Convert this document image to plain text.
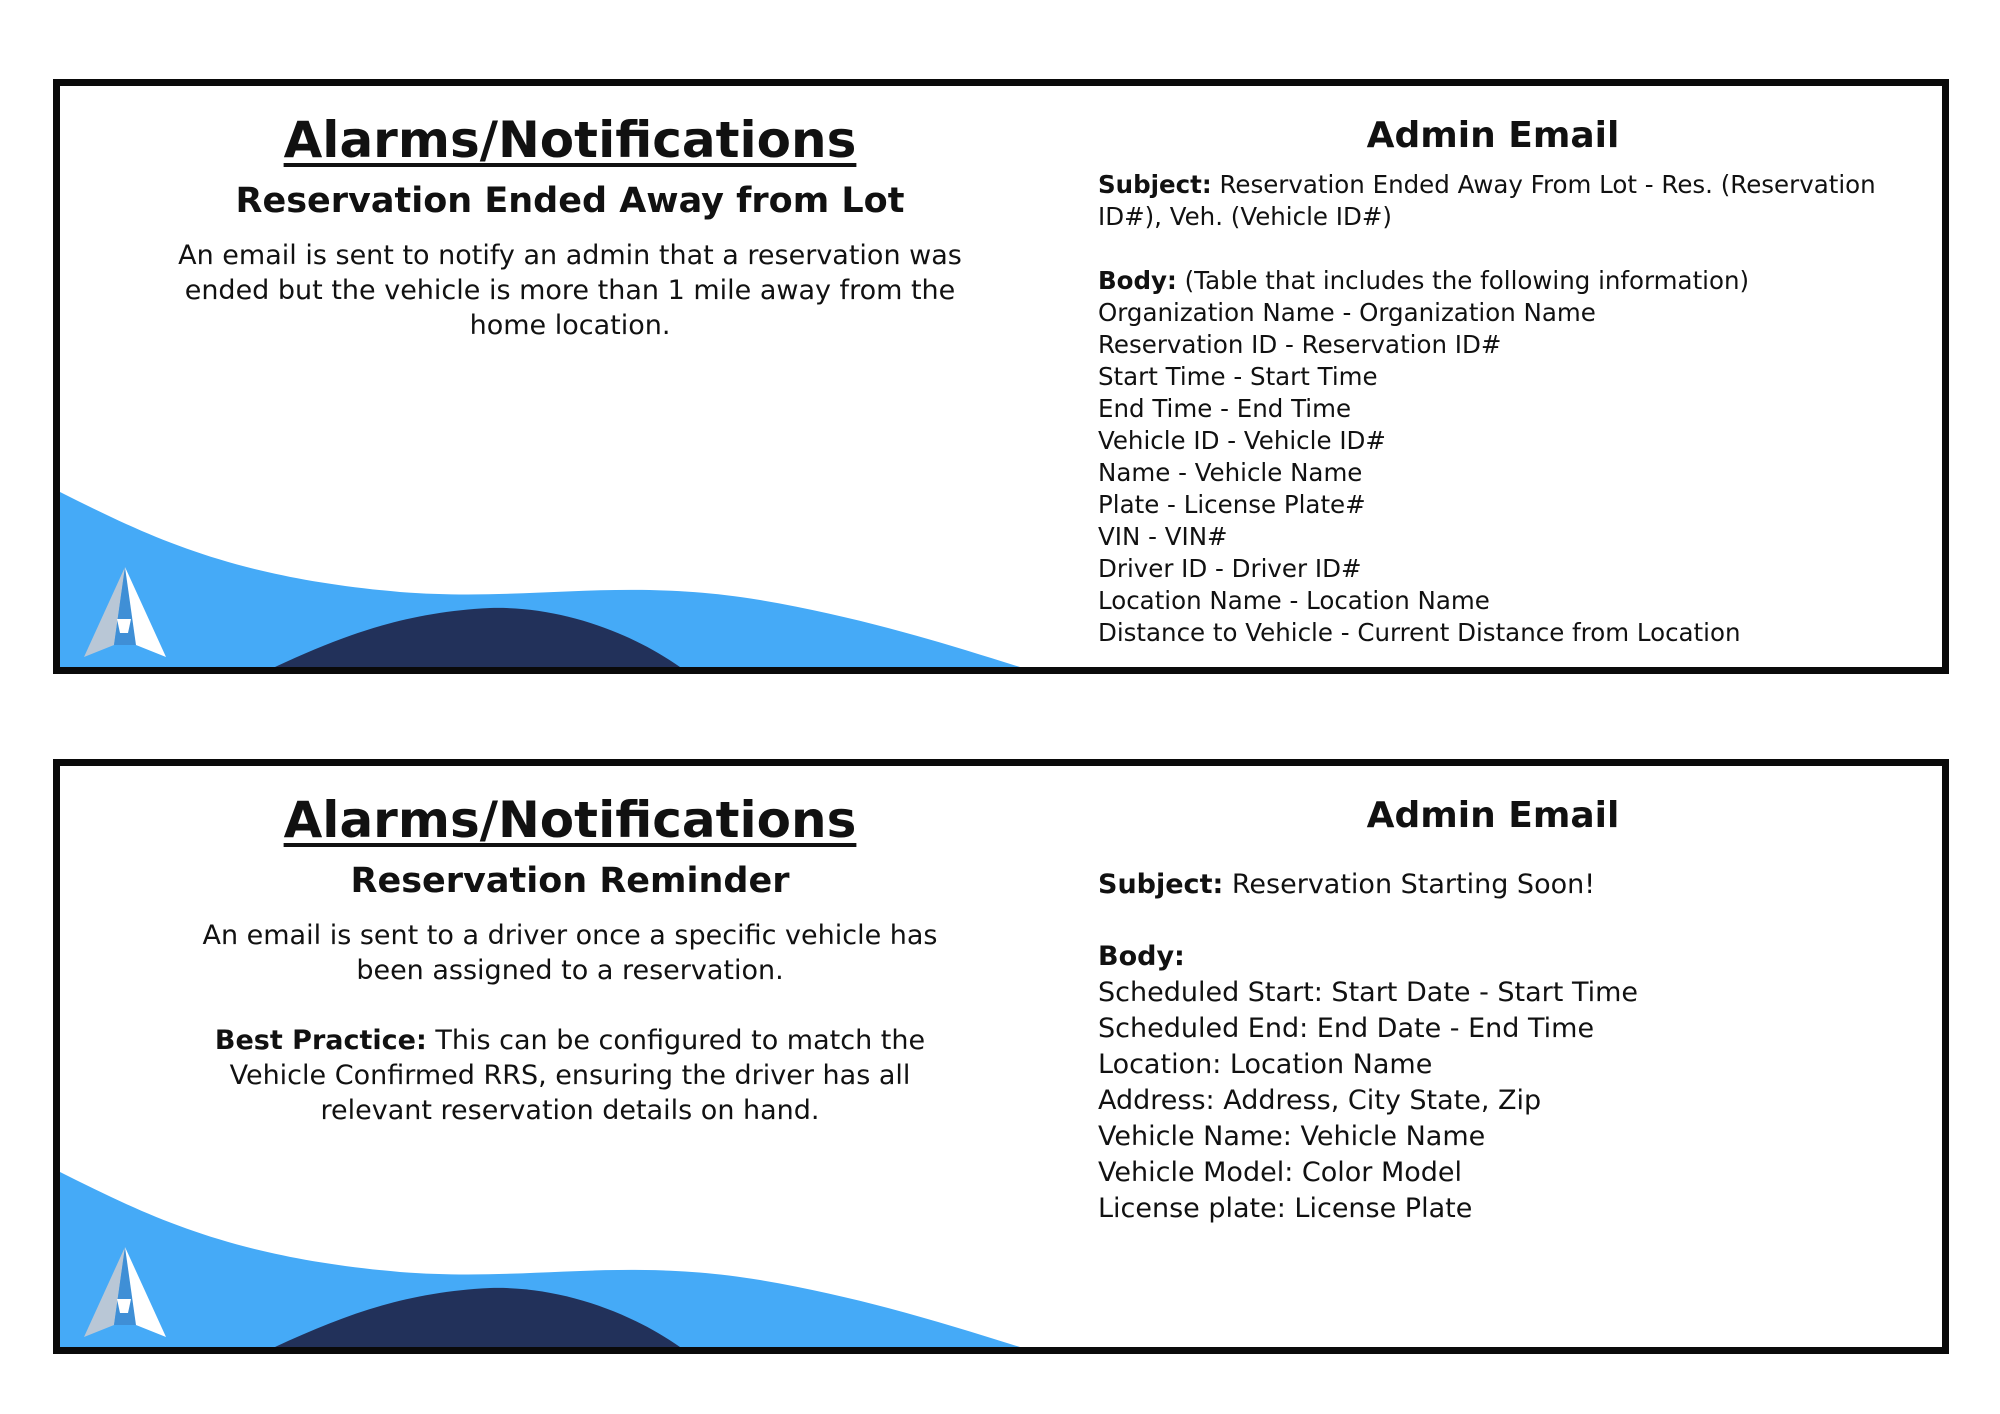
Alarms/Notifications
Reservation Ended Away from Lot

An email is sent to notify an admin that a reservation was ended but the vehicle is more than 1 mile away from the home location.

Admin Email

Subject: Reservation Ended Away From Lot - Res. (Reservation ID#), Veh. (Vehicle ID#)

Body: (Table that includes the following information)

Organization Name - Organization Name
Reservation ID - Reservation ID#
Start Time - Start Time
End Time - End Time
Vehicle ID - Vehicle ID#
Name - Vehicle Name
Plate - License Plate#
VIN - VIN#
Driver ID - Driver ID#
Location Name - Location Name
Distance to Vehicle - Current Distance from Location
Alarms/Notifications
Reservation Reminder

An email is sent to a driver once a specific vehicle has been assigned to a reservation.

Best Practice: This can be configured to match the Vehicle Confirmed RRS, ensuring the driver has all relevant reservation details on hand.

Admin Email

Subject: Reservation Starting Soon!

Body:

Scheduled Start: Start Date - Start Time
Scheduled End: End Date - End Time
Location: Location Name
Address: Address, City State, Zip
Vehicle Name: Vehicle Name
Vehicle Model: Color Model
License plate: License Plate
